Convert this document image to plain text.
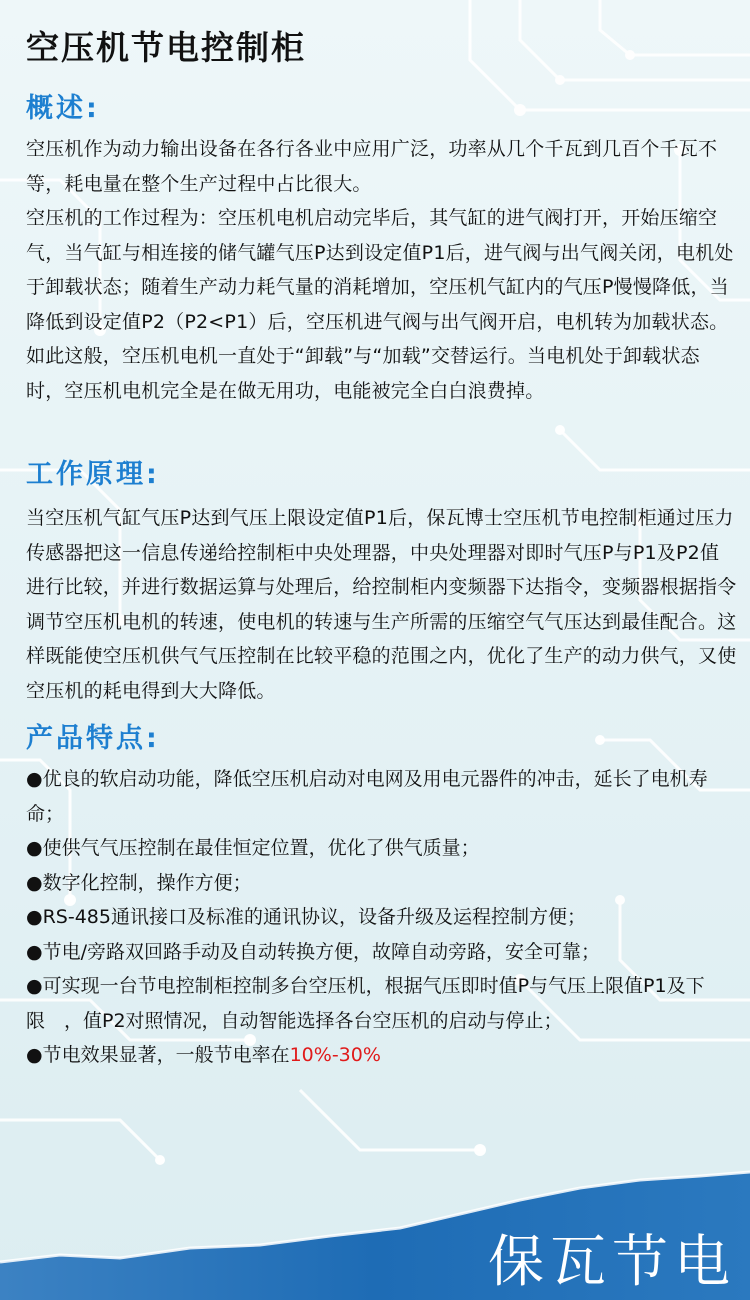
空压机节电控制柜
概述:

空压机作为动力输出设备在各行各业中应用广泛，功率从几个千瓦到几百个千瓦不等，耗电量在整个生产过程中占比很大。

空压机的工作过程为：空压机电机启动完毕后，其气缸的进气阀打开，开始压缩空气，当气缸与相连接的储气罐气压P达到设定值P1后，进气阀与出气阀关闭，电机处于卸载状态；随着生产动力耗气量的消耗增加，空压机气缸内的气压P慢慢降低，当降低到设定值P2（P2<P1）后，空压机进气阀与出气阀开启，电机转为加载状态。如此这般，空压机电机一直处于“卸载”与“加载”交替运行。当电机处于卸载状态时，空压机电机完全是在做无用功，电能被完全白白浪费掉。

工作原理:

当空压机气缸气压P达到气压上限设定值P1后，保瓦博士空压机节电控制柜通过压力传感器把这一信息传递给控制柜中央处理器，中央处理器对即时气压P与P1及P2值进行比较，并进行数据运算与处理后，给控制柜内变频器下达指令，变频器根据指令调节空压机电机的转速，使电机的转速与生产所需的压缩空气气压达到最佳配合。这样既能使空压机供气气压控制在比较平稳的范围之内，优化了生产的动力供气，又使空压机的耗电得到大大降低。

产品特点:
●优良的软启动功能，降低空压机启动对电网及用电元器件的冲击，延长了电机寿命；
●使供气气压控制在最佳恒定位置，优化了供气质量；
●数字化控制，操作方便；
●RS-485通讯接口及标准的通讯协议，设备升级及运程控制方便；
●节电/旁路双回路手动及自动转换方便，故障自动旁路，安全可靠；
●可实现一台节电控制柜控制多台空压机，根据气压即时值P与气压上限值P1及下限　，值P2对照情况，自动智能选择各台空压机的启动与停止；
●节电效果显著，一般节电率在10%-30%
保瓦节电
